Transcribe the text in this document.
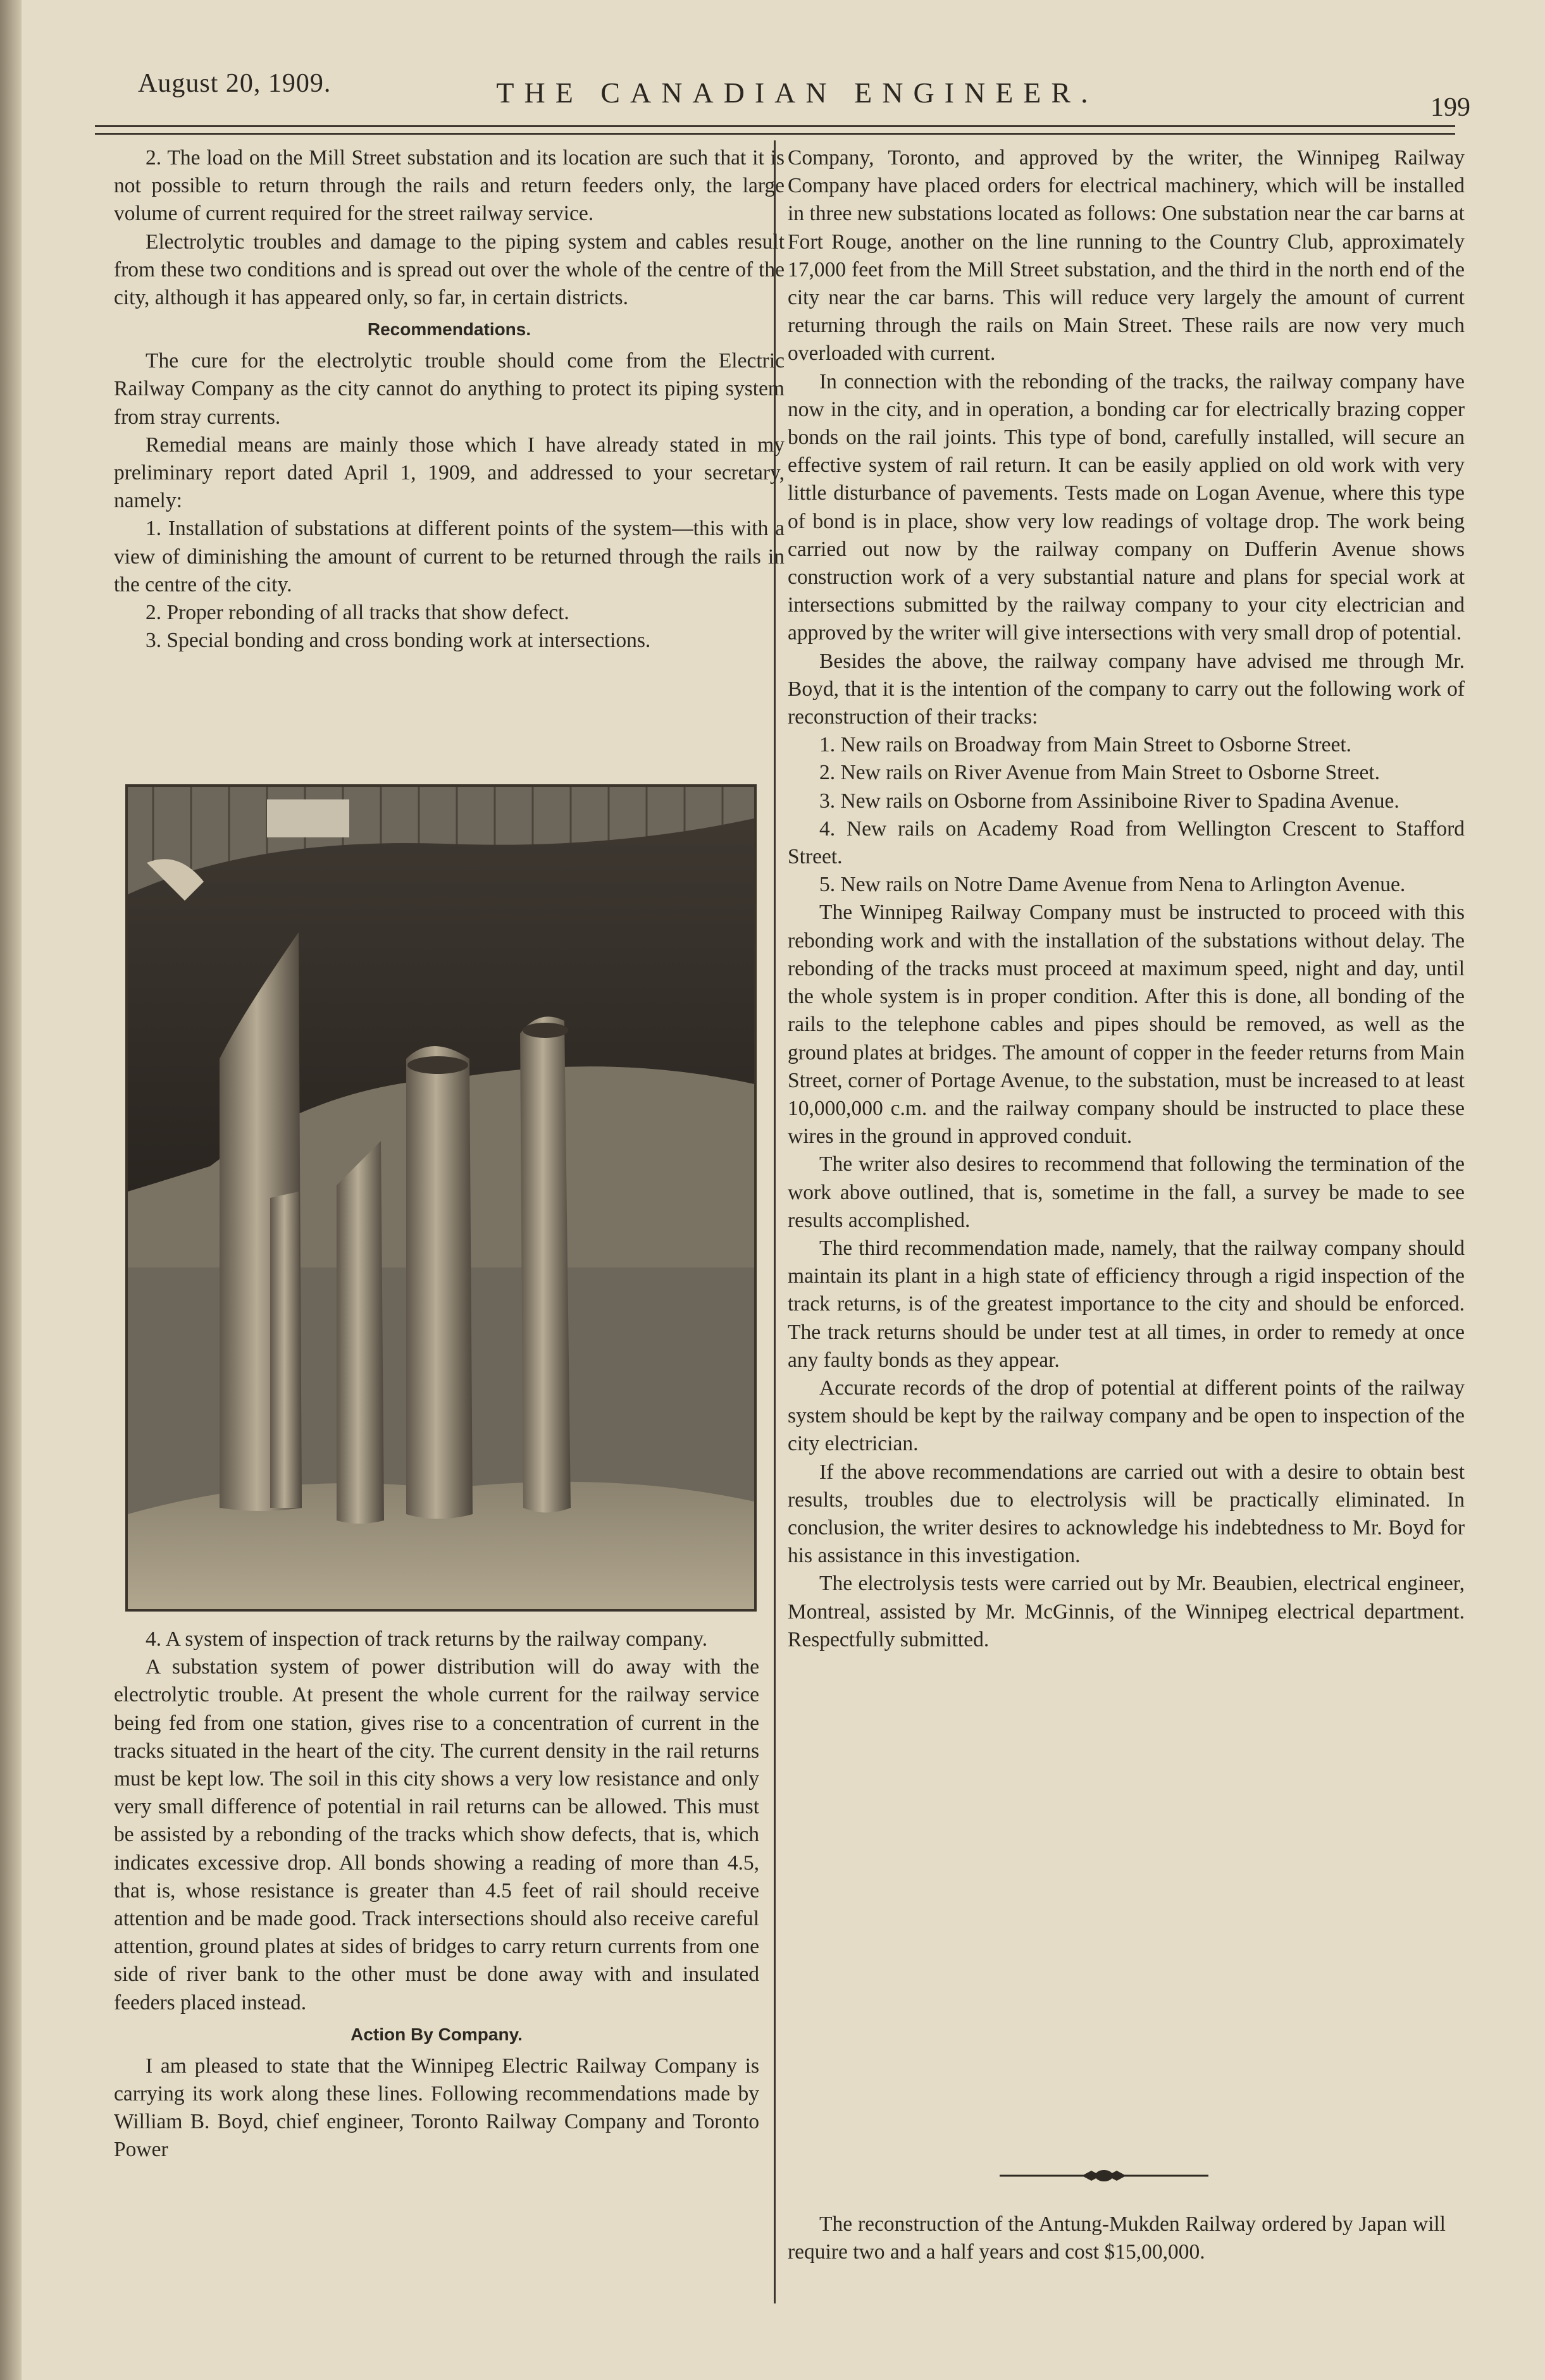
August 20, 1909.	THE CANADIAN ENGINEER.	199

2. The load on the Mill Street substation and its location are such that it is not possible to return through the rails and return feeders only, the large volume of current required for the street railway service.

Electrolytic troubles and damage to the piping system and cables result from these two conditions and is spread out over the whole of the centre of the city, although it has appeared only, so far, in certain districts.

Recommendations.

The cure for the electrolytic trouble should come from the Electric Railway Company as the city cannot do anything to protect its piping system from stray currents.

Remedial means are mainly those which I have already stated in my preliminary report dated April 1, 1909, and addressed to your secretary, namely:

1. Installation of substations at different points of the system—this with a view of diminishing the amount of current to be returned through the rails in the centre of the city.

2. Proper rebonding of all tracks that show defect.

3. Special bonding and cross bonding work at intersections.

4. A system of inspection of track returns by the railway company.

A substation system of power distribution will do away with the electrolytic trouble. At present the whole current for the railway service being fed from one station, gives rise to a concentration of current in the tracks situated in the heart of the city. The current density in the rail returns must be kept low. The soil in this city shows a very low resistance and only very small difference of potential in rail returns can be allowed. This must be assisted by a rebonding of the tracks which show defects, that is, which indicates excessive drop. All bonds showing a reading of more than 4.5, that is, whose resistance is greater than 4.5 feet of rail should receive attention and be made good. Track intersections should also receive careful attention, ground plates at sides of bridges to carry return currents from one side of river bank to the other must be done away with and insulated feeders placed instead.

Action By Company.

I am pleased to state that the Winnipeg Electric Railway Company is carrying its work along these lines. Following recommendations made by William B. Boyd, chief engineer, Toronto Railway Company and Toronto Power

Company, Toronto, and approved by the writer, the Winnipeg Railway Company have placed orders for electrical machinery, which will be installed in three new substations located as follows: One substation near the car barns at Fort Rouge, another on the line running to the Country Club, approximately 17,000 feet from the Mill Street substation, and the third in the north end of the city near the car barns. This will reduce very largely the amount of current returning through the rails on Main Street. These rails are now very much overloaded with current.

In connection with the rebonding of the tracks, the railway company have now in the city, and in operation, a bonding car for electrically brazing copper bonds on the rail joints. This type of bond, carefully installed, will secure an effective system of rail return. It can be easily applied on old work with very little disturbance of pavements. Tests made on Logan Avenue, where this type of bond is in place, show very low readings of voltage drop. The work being carried out now by the railway company on Dufferin Avenue shows construction work of a very substantial nature and plans for special work at intersections submitted by the railway company to your city electrician and approved by the writer will give intersections with very small drop of potential.

Besides the above, the railway company have advised me through Mr. Boyd, that it is the intention of the company to carry out the following work of reconstruction of their tracks:

1. New rails on Broadway from Main Street to Osborne Street.

2. New rails on River Avenue from Main Street to Osborne Street.

3. New rails on Osborne from Assiniboine River to Spadina Avenue.

4. New rails on Academy Road from Wellington Crescent to Stafford Street.

5. New rails on Notre Dame Avenue from Nena to Arlington Avenue.

The Winnipeg Railway Company must be instructed to proceed with this rebonding work and with the installation of the substations without delay. The rebonding of the tracks must proceed at maximum speed, night and day, until the whole system is in proper condition. After this is done, all bonding of the rails to the telephone cables and pipes should be removed, as well as the ground plates at bridges. The amount of copper in the feeder returns from Main Street, corner of Portage Avenue, to the substation, must be increased to at least 10,000,000 c.m. and the railway company should be instructed to place these wires in the ground in approved conduit.

The writer also desires to recommend that following the termination of the work above outlined, that is, sometime in the fall, a survey be made to see results accomplished.

The third recommendation made, namely, that the railway company should maintain its plant in a high state of efficiency through a rigid inspection of the track returns, is of the greatest importance to the city and should be enforced. The track returns should be under test at all times, in order to remedy at once any faulty bonds as they appear.

Accurate records of the drop of potential at different points of the railway system should be kept by the railway company and be open to inspection of the city electrician.

If the above recommendations are carried out with a desire to obtain best results, troubles due to electrolysis will be practically eliminated. In conclusion, the writer desires to acknowledge his indebtedness to Mr. Boyd for his assistance in this investigation.

The electrolysis tests were carried out by Mr. Beaubien, electrical engineer, Montreal, assisted by Mr. McGinnis, of the Winnipeg electrical department. Respectfully submitted.

The reconstruction of the Antung-Mukden Railway ordered by Japan will require two and a half years and cost $15,00,000.
